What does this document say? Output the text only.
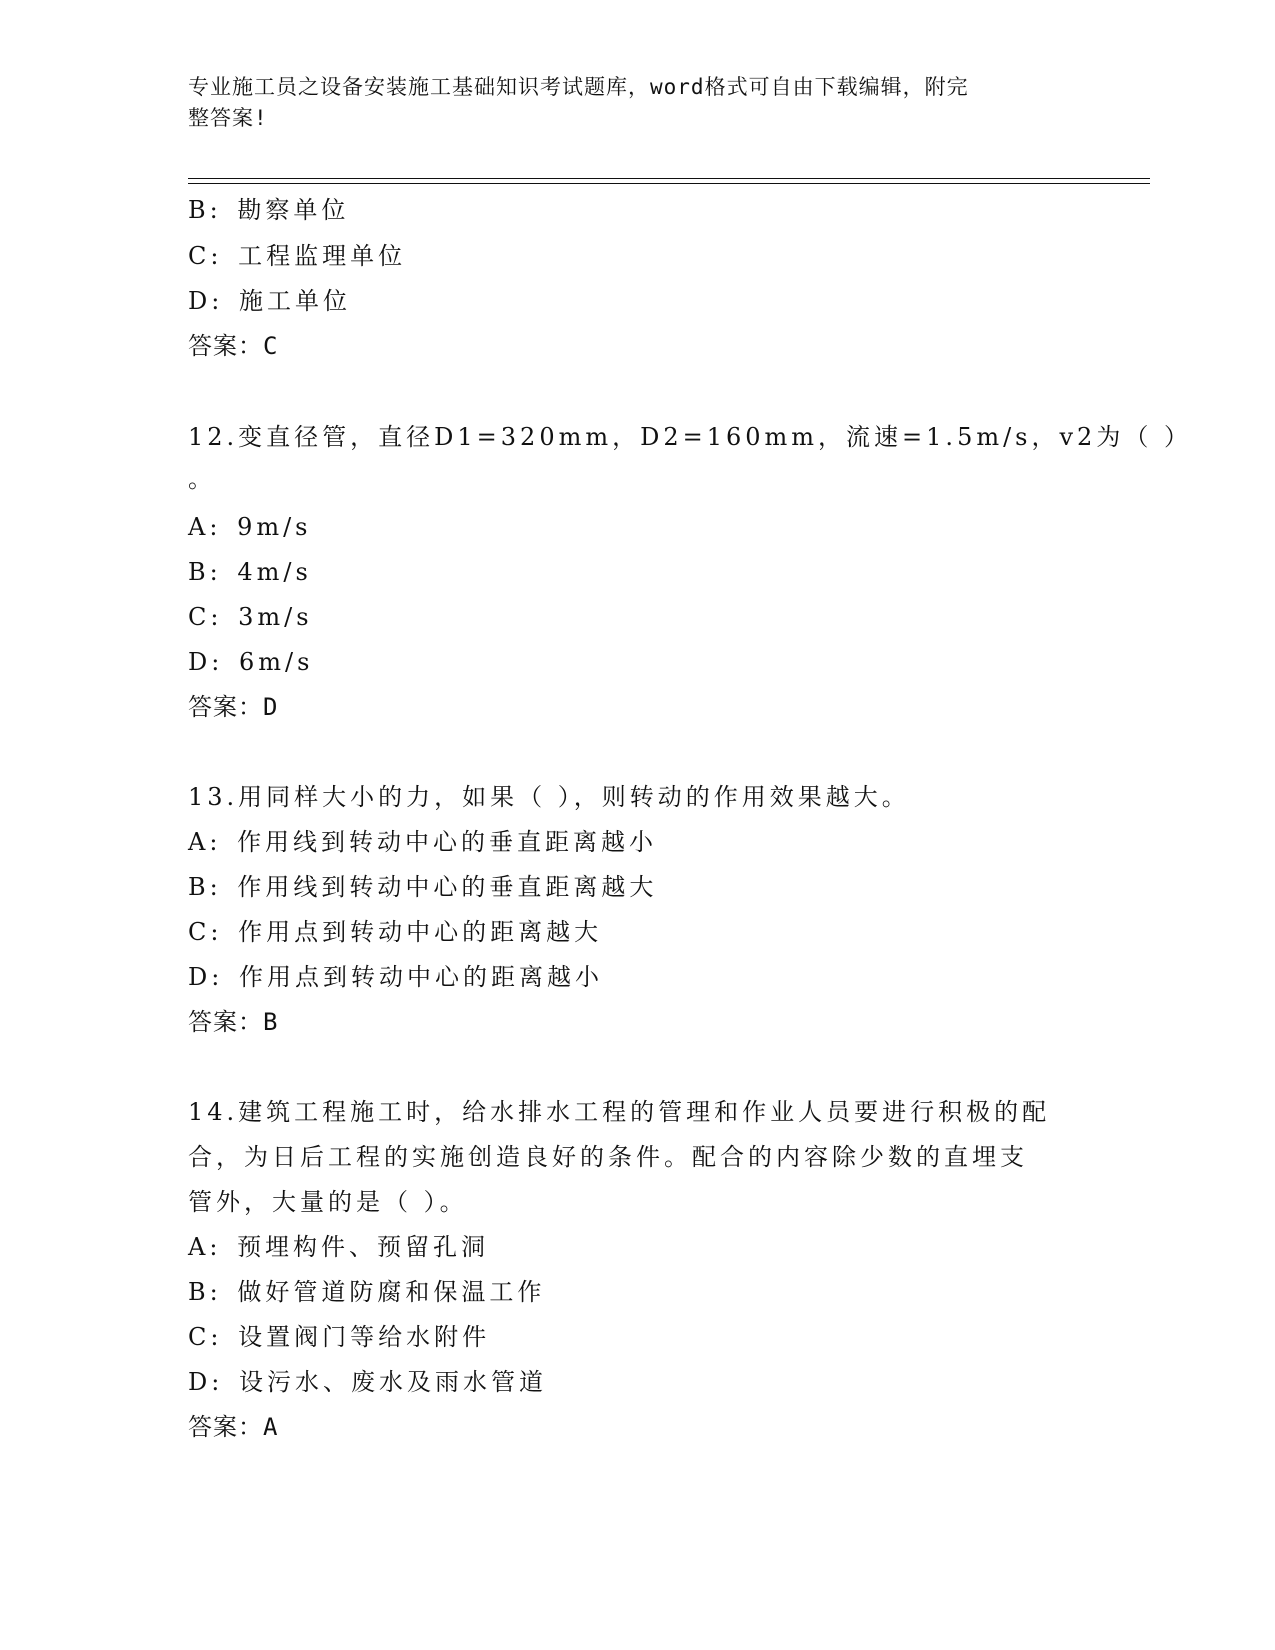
专业施工员之设备安装施工基础知识考试题库，word格式可自由下载编辑，附完
整答案!
B: 勘察单位
C: 工程监理单位
D: 施工单位
答案：C
12.变直径管，直径D1=320mm，D2=160mm，流速=1.5m/s，v2为（ ）
。
A: 9m/s
B: 4m/s
C: 3m/s
D: 6m/s
答案：D
13.用同样大小的力，如果（ ），则转动的作用效果越大。
A: 作用线到转动中心的垂直距离越小
B: 作用线到转动中心的垂直距离越大
C: 作用点到转动中心的距离越大
D: 作用点到转动中心的距离越小
答案：B
14.建筑工程施工时，给水排水工程的管理和作业人员要进行积极的配
合，为日后工程的实施创造良好的条件。配合的内容除少数的直埋支
管外，大量的是（ ）。
A: 预埋构件、预留孔洞
B: 做好管道防腐和保温工作
C: 设置阀门等给水附件
D: 设污水、废水及雨水管道
答案：A
